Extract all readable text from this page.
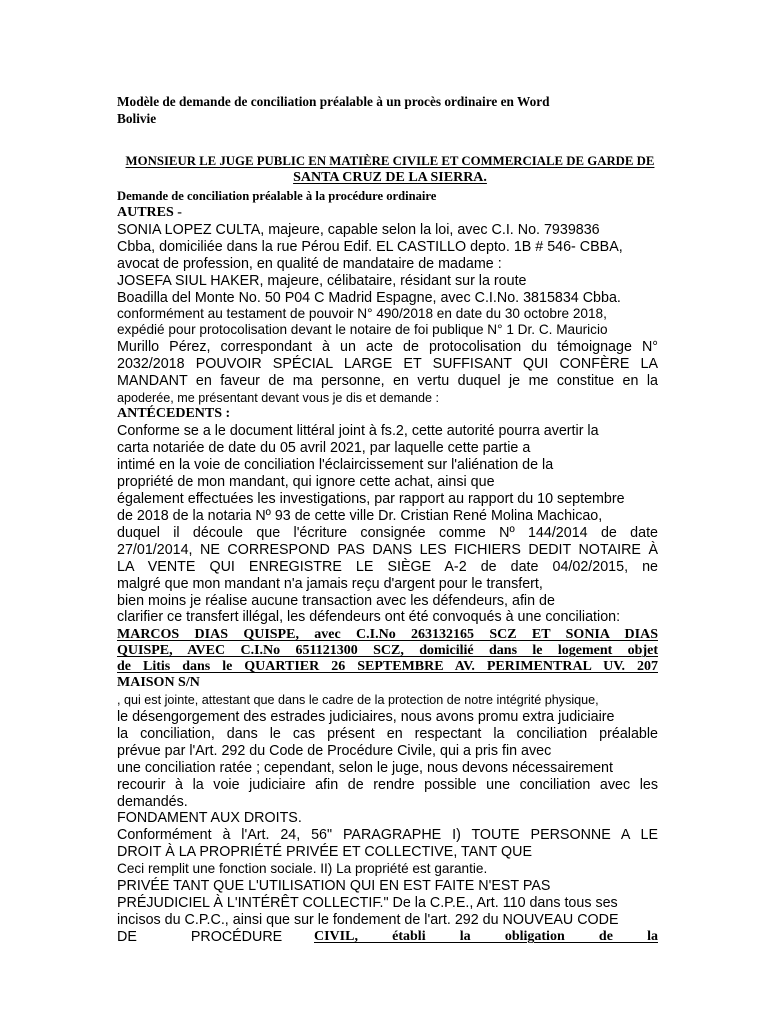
Modèle de demande de conciliation préalable à un procès ordinaire en Word
Bolivie
MONSIEUR LE JUGE PUBLIC EN MATIÈRE CIVILE ET COMMERCIALE DE GARDE DE
SANTA CRUZ DE LA SIERRA.
Demande de conciliation préalable à la procédure ordinaire
AUTRES -
SONIA LOPEZ CULTA, majeure, capable selon la loi, avec C.I. No. 7939836
Cbba, domiciliée dans la rue Pérou Edif. EL CASTILLO depto. 1B # 546- CBBA,
avocat de profession, en qualité de mandataire de madame :
JOSEFA SIUL HAKER, majeure, célibataire, résidant sur la route
Boadilla del Monte No. 50 P04 C Madrid Espagne, avec C.I.No. 3815834 Cbba.
conformément au testament de pouvoir N° 490/2018 en date du 30 octobre 2018,
expédié pour protocolisation devant le notaire de foi publique N° 1 Dr. C. Mauricio
Murillo Pérez, correspondant à un acte de protocolisation du témoignage N°
2032/2018 POUVOIR SPÉCIAL LARGE ET SUFFISANT QUI CONFÈRE LA
MANDANT en faveur de ma personne, en vertu duquel je me constitue en la
apoderée, me présentant devant vous je dis et demande :
ANTÉCEDENTS :
Conforme se a le document littéral joint à fs.2, cette autorité pourra avertir la
carta notariée de date du 05 avril 2021, par laquelle cette partie a
intimé en la voie de conciliation l'éclaircissement sur l'aliénation de la
propriété de mon mandant, qui ignore cette achat, ainsi que
également effectuées les investigations, par rapport au rapport du 10 septembre
de 2018 de la notaria Nº 93 de cette ville Dr. Cristian René Molina Machicao,
duquel il découle que l'écriture consignée comme Nº 144/2014 de date
27/01/2014, NE CORRESPOND PAS DANS LES FICHIERS DEDIT NOTAIRE À
LA VENTE QUI ENREGISTRE LE SIÈGE A-2 de date 04/02/2015, ne
malgré que mon mandant n'a jamais reçu d'argent pour le transfert,
bien moins je réalise aucune transaction avec les défendeurs, afin de
clarifier ce transfert illégal, les défendeurs ont été convoqués à une conciliation:
MARCOS DIAS QUISPE, avec C.I.No 263132165 SCZ ET SONIA DIAS
QUISPE, AVEC C.I.No 651121300 SCZ, domicilié dans le logement objet
de Litis dans le QUARTIER 26 SEPTEMBRE AV. PERIMENTRAL UV. 207
MAISON S/N
, qui est jointe, attestant que dans le cadre de la protection de notre intégrité physique,
le désengorgement des estrades judiciaires, nous avons promu extra judiciaire
la conciliation, dans le cas présent en respectant la conciliation préalable
prévue par l'Art. 292 du Code de Procédure Civile, qui a pris fin avec
une conciliation ratée ; cependant, selon le juge, nous devons nécessairement
recourir à la voie judiciaire afin de rendre possible une conciliation avec les
demandés.
FONDAMENT AUX DROITS.
Conformément à l'Art. 24, 56" PARAGRAPHE I) TOUTE PERSONNE A LE
DROIT À LA PROPRIÉTÉ PRIVÉE ET COLLECTIVE, TANT QUE
Ceci remplit une fonction sociale. II) La propriété est garantie.
PRIVÉE TANT QUE L'UTILISATION QUI EN EST FAITE N'EST PAS
PRÉJUDICIEL À L'INTÉRÊT COLLECTIF." De la C.P.E., Art. 110 dans tous ses
incisos du C.P.C., ainsi que sur le fondement de l'art. 292 du NOUVEAU CODE
DE PROCÉDURE	CIVIL, établi la obligation de la
